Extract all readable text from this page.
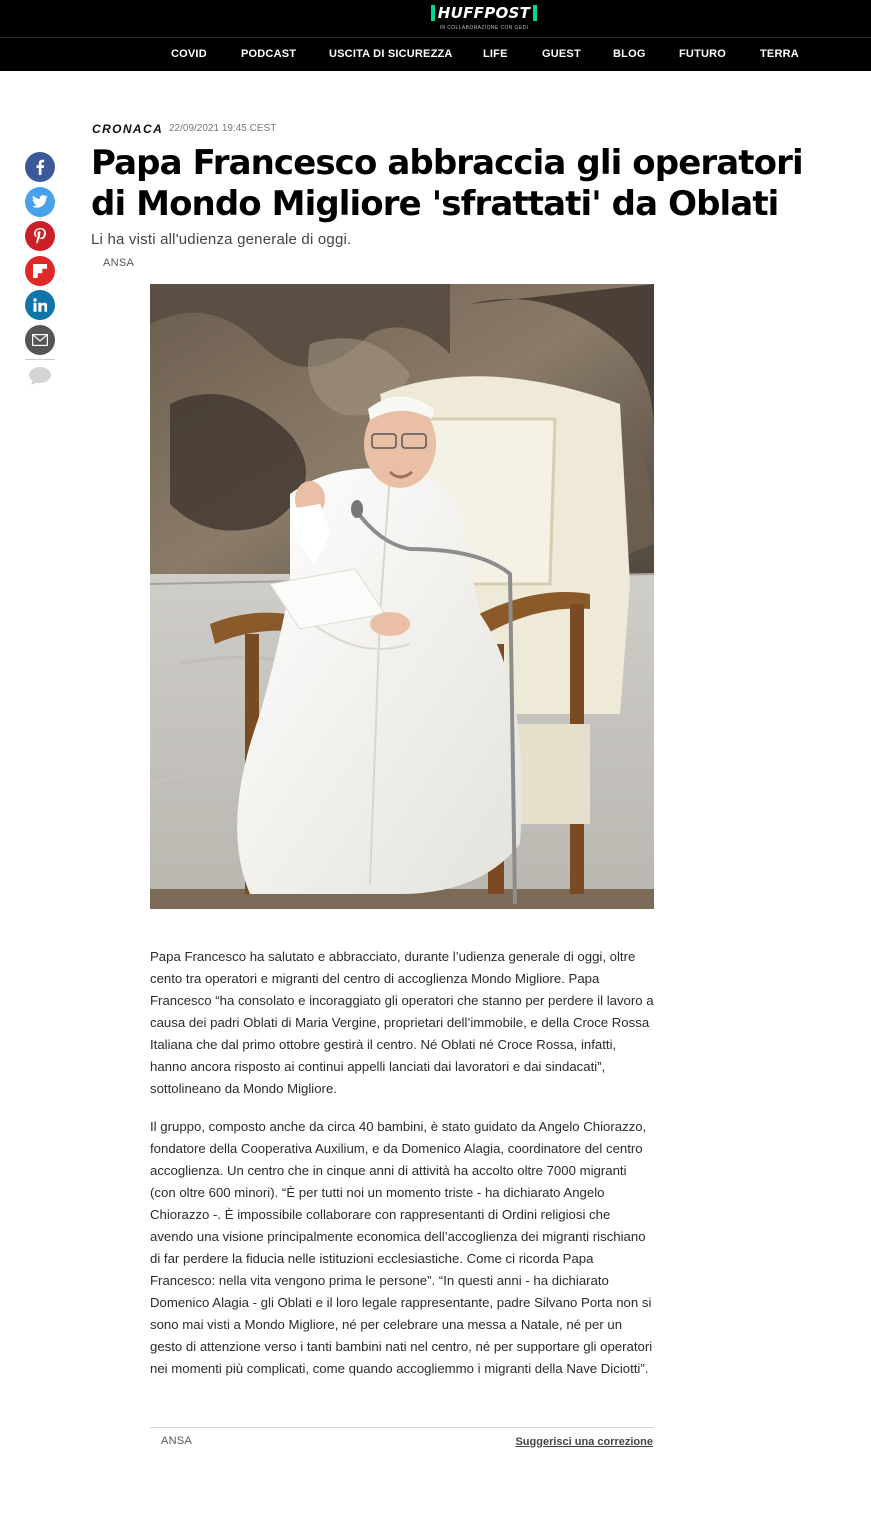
HUFFPOST
IN COLLABORAZIONE CON GEDI
COVID	PODCAST	USCITA DI SICUREZZA	LIFE	GUEST	BLOG	FUTURO	TERRA
CRONACA 22/09/2021 19:45 CEST
Papa Francesco abbraccia gli operatori di Mondo Migliore 'sfrattati' da Oblati
Li ha visti all'udienza generale di oggi.
ANSA

Papa Francesco ha salutato e abbracciato, durante l’udienza generale di oggi, oltre cento tra operatori e migranti del centro di accoglienza Mondo Migliore. Papa Francesco “ha consolato e incoraggiato gli operatori che stanno per perdere il lavoro a causa dei padri Oblati di Maria Vergine, proprietari dell’immobile, e della Croce Rossa Italiana che dal primo ottobre gestirà il centro. Né Oblati né Croce Rossa, infatti, hanno ancora risposto ai continui appelli lanciati dai lavoratori e dai sindacati”, sottolineano da Mondo Migliore.

Il gruppo, composto anche da circa 40 bambini, è stato guidato da Angelo Chiorazzo, fondatore della Cooperativa Auxilium, e da Domenico Alagia, coordinatore del centro accoglienza. Un centro che in cinque anni di attività ha accolto oltre 7000 migranti (con oltre 600 minori). “È per tutti noi un momento triste - ha dichiarato Angelo Chiorazzo -. È impossibile collaborare con rappresentanti di Ordini religiosi che avendo una visione principalmente economica dell’accoglienza dei migranti rischiano di far perdere la fiducia nelle istituzioni ecclesiastiche. Come ci ricorda Papa Francesco: nella vita vengono prima le persone”. “In questi anni - ha dichiarato Domenico Alagia - gli Oblati e il loro legale rappresentante, padre Silvano Porta non si sono mai visti a Mondo Migliore, né per celebrare una messa a Natale, né per un gesto di attenzione verso i tanti bambini nati nel centro, né per supportare gli operatori nei momenti più complicati, come quando accogliemmo i migranti della Nave Diciotti”.

ANSA	Suggerisci una correzione
